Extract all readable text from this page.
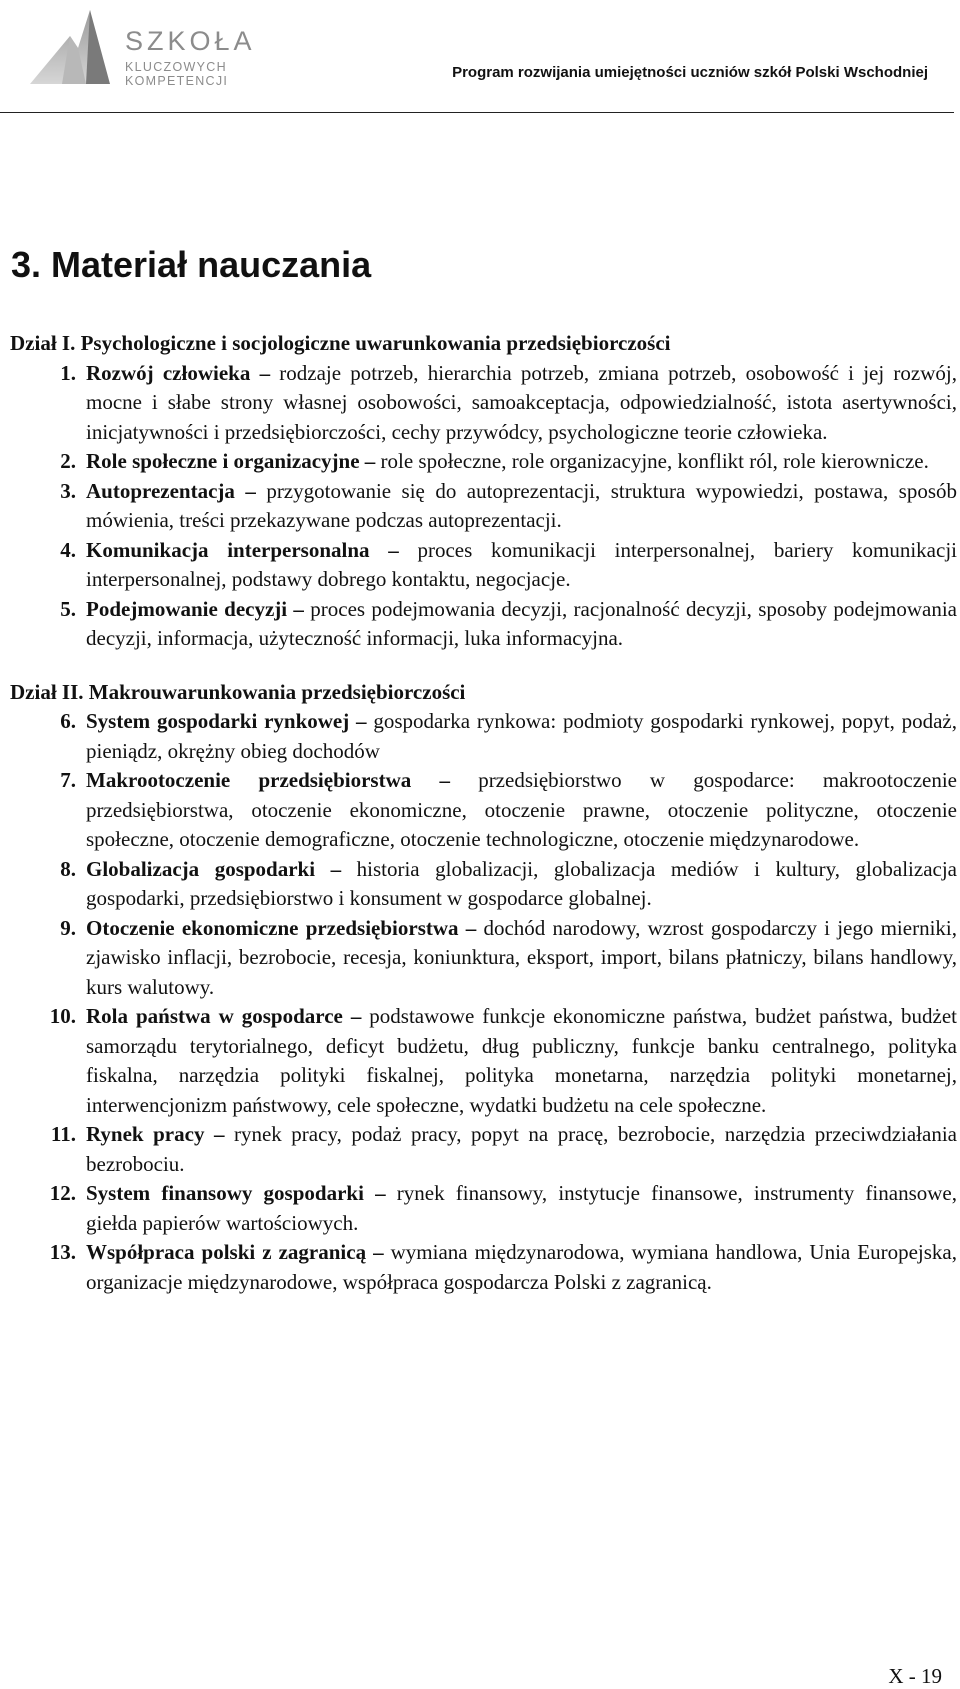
SZKOŁA
KLUCZOWYCH KOMPETENCJI	Program rozwijania umiejętności uczniów szkół Polski Wschodniej
3. Materiał nauczania

Dział I. Psychologiczne i socjologiczne uwarunkowania przedsiębiorczości

1. Rozwój człowieka – rodzaje potrzeb, hierarchia potrzeb, zmiana potrzeb, osobowość i jej rozwój, mocne i słabe strony własnej osobowości, samoakceptacja, odpowiedzialność, istota asertywności, inicjatywności i przedsiębiorczości, cechy przywódcy, psychologiczne teorie człowieka.
2. Role społeczne i organizacyjne – role społeczne, role organizacyjne, konflikt ról, role kierownicze.
3. Autoprezentacja – przygotowanie się do autoprezentacji, struktura wypowiedzi, postawa, sposób mówienia, treści przekazywane podczas autoprezentacji.
4. Komunikacja interpersonalna – proces komunikacji interpersonalnej, bariery komunikacji interpersonalnej, podstawy dobrego kontaktu, negocjacje.
5. Podejmowanie decyzji – proces podejmowania decyzji, racjonalność decyzji, sposoby podejmowania decyzji, informacja, użyteczność informacji, luka informacyjna.

Dział II. Makrouwarunkowania przedsiębiorczości

6. System gospodarki rynkowej – gospodarka rynkowa: podmioty gospodarki rynkowej, popyt, podaż, pieniądz, okrężny obieg dochodów
7. Makrootoczenie przedsiębiorstwa – przedsiębiorstwo w gospodarce: makrootoczenie przedsiębiorstwa, otoczenie ekonomiczne, otoczenie prawne, otoczenie polityczne, otoczenie społeczne, otoczenie demograficzne, otoczenie technologiczne, otoczenie międzynarodowe.
8. Globalizacja gospodarki – historia globalizacji, globalizacja mediów i kultury, globalizacja gospodarki, przedsiębiorstwo i konsument w gospodarce globalnej.
9. Otoczenie ekonomiczne przedsiębiorstwa – dochód narodowy, wzrost gospodarczy i jego mierniki, zjawisko inflacji, bezrobocie, recesja, koniunktura, eksport, import, bilans płatniczy, bilans handlowy, kurs walutowy.
10. Rola państwa w gospodarce – podstawowe funkcje ekonomiczne państwa, budżet państwa, budżet samorządu terytorialnego, deficyt budżetu, dług publiczny, funkcje banku centralnego, polityka fiskalna, narzędzia polityki fiskalnej, polityka monetarna, narzędzia polityki monetarnej, interwencjonizm państwowy, cele społeczne, wydatki budżetu na cele społeczne.
11. Rynek pracy – rynek pracy, podaż pracy, popyt na pracę, bezrobocie, narzędzia przeciwdziałania bezrobociu.
12. System finansowy gospodarki – rynek finansowy, instytucje finansowe, instrumenty finansowe, giełda papierów wartościowych.
13. Współpraca polski z zagranicą – wymiana międzynarodowa, wymiana handlowa, Unia Europejska, organizacje międzynarodowe, współpraca gospodarcza Polski z zagranicą.
X - 19
